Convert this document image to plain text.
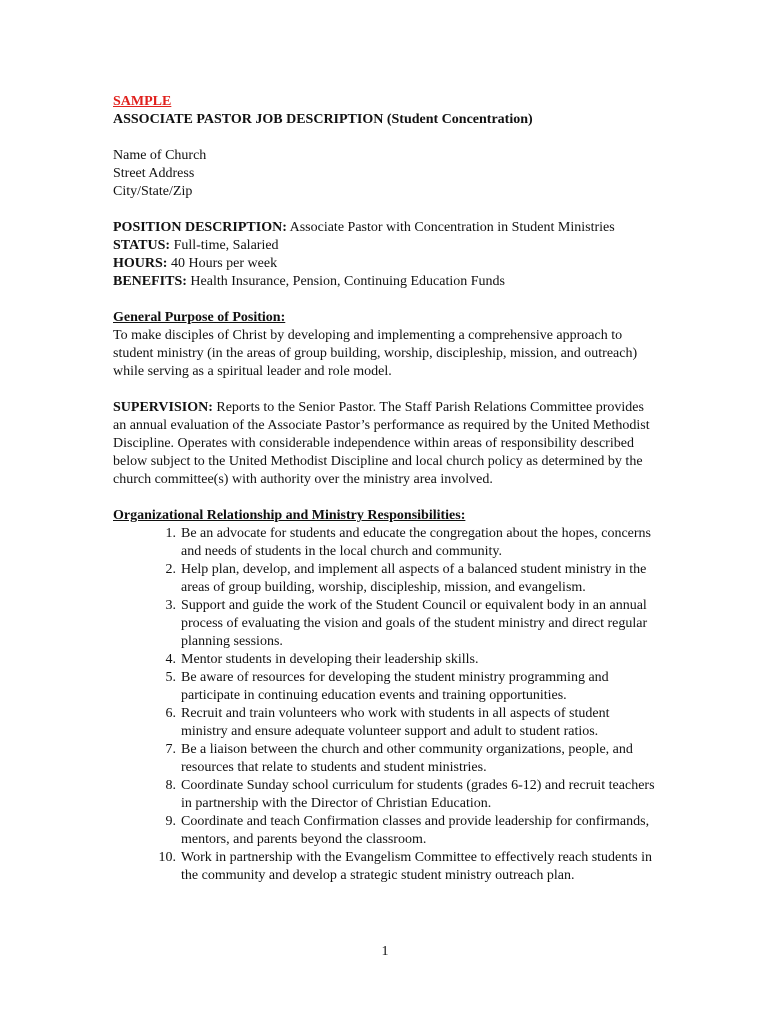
SAMPLE

ASSOCIATE PASTOR JOB DESCRIPTION (Student Concentration)

Name of Church

Street Address

City/State/Zip

POSITION DESCRIPTION: Associate Pastor with Concentration in Student Ministries

STATUS: Full-time, Salaried

HOURS: 40 Hours per week

BENEFITS: Health Insurance, Pension, Continuing Education Funds

General Purpose of Position:

To make disciples of Christ by developing and implementing a comprehensive approach to student ministry (in the areas of group building, worship, discipleship, mission, and outreach) while serving as a spiritual leader and role model.

SUPERVISION: Reports to the Senior Pastor. The Staff Parish Relations Committee provides an annual evaluation of the Associate Pastor’s performance as required by the United Methodist Discipline. Operates with considerable independence within areas of responsibility described below subject to the United Methodist Discipline and local church policy as determined by the church committee(s) with authority over the ministry area involved.

Organizational Relationship and Ministry Responsibilities:

1. Be an advocate for students and educate the congregation about the hopes, concerns and needs of students in the local church and community.
2. Help plan, develop, and implement all aspects of a balanced student ministry in the areas of group building, worship, discipleship, mission, and evangelism.
3. Support and guide the work of the Student Council or equivalent body in an annual process of evaluating the vision and goals of the student ministry and direct regular planning sessions.
4. Mentor students in developing their leadership skills.
5. Be aware of resources for developing the student ministry programming and participate in continuing education events and training opportunities.
6. Recruit and train volunteers who work with students in all aspects of student ministry and ensure adequate volunteer support and adult to student ratios.
7. Be a liaison between the church and other community organizations, people, and resources that relate to students and student ministries.
8. Coordinate Sunday school curriculum for students (grades 6-12) and recruit teachers in partnership with the Director of Christian Education.
9. Coordinate and teach Confirmation classes and provide leadership for confirmands, mentors, and parents beyond the classroom.
10. Work in partnership with the Evangelism Committee to effectively reach students in the community and develop a strategic student ministry outreach plan.
1
